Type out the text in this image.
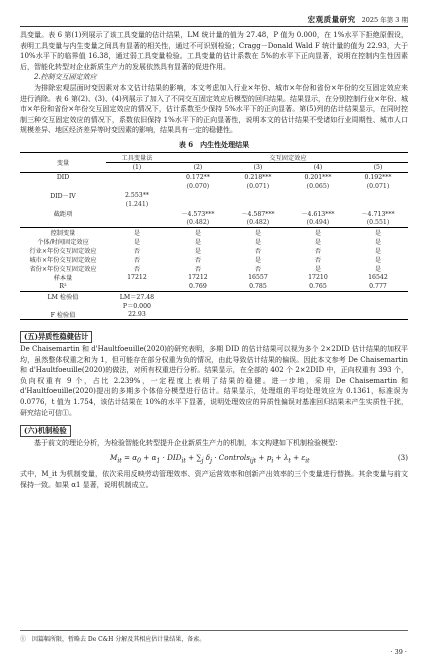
宏观质量研究 2025 年第 3 期

具变量。表 6 第(1)列展示了该工具变量的估计结果，LM 统计量的值为 27.48，P 值为 0.000，在 1%水平下拒绝原假设，表明工具变量与内生变量之间具有显著的相关性，通过不可识别检验；Cragg－Donald Wald F 统计量的值为 22.93，大于 10%水平下的临界值 16.38，通过弱工具变量检验。工具变量的估计系数在 5%的水平下正向显著，说明在控制内生性因素后，智能化转型对企业新质生产力的发展依然具有显著的促进作用。

2.控制交互固定效应

为排除宏观层面时变因素对本文估计结果的影响，本文考虑加入行业×年份、城市×年份和省份×年份的交互固定效应来进行消除。表 6 第(2)、(3)、(4)列展示了加入了不同交互固定效应后模型的回归结果。结果显示，在分别控制行业×年份、城市×年份和省份×年份交互固定效应的情况下，估计系数至少保持 5%水平下的正向显著。第(5)列的估计结果显示，在同时控制三种交互固定效应的情况下，系数依旧保持 1%水平下的正向显著性，说明本文的估计结果不受诸如行业周期性、城市人口规模差异、地区经济差异等时变因素的影响，结果具有一定的稳健性。

表 6　内生性处理结果
变量	工具变量法	交互固定效应			
	(1)	(2)	(3)	(4)	(5)
DID		0.172**	0.218***	0.201***	0.192***
		(0.070)	(0.071)	(0.065)	(0.071)
DID－IV	2.553**				
	(1.241)				
截距项		－4.573***	－4.587***	－4.613***	－4.713***
		(0.482)	(0.482)	(0.494)	(0.551)
控制变量	是	是	是	是	是
个体/时间固定效应	是	是	是	是	是
行业×年份交互固定效应	否	是	否	否	是
城市×年份交互固定效应	否	否	是	否	是
省份×年份交互固定效应	否	否	否	是	是
样本量	17212	17212	16557	17210	16542
R²		0.769	0.785	0.765	0.777
LM 检验值	LM＝27.48				
	P＝0.000				
F 检验值	22.93				
(五)异质性稳健估计

De Chaisemartin 和 d'Haultfoeuille(2020)的研究表明，多期 DID 的估计结果可以视为多个 2×2DID 估计结果的加权平均，虽然整体权重之和为 1，但可能存在部分权重为负的情况，由此导致估计结果的偏误。因此本文参考 De Chaisemartin 和 d'Haultfoeuille(2020)的做法，对所有权重进行分析。结果显示，在全部的 402 个 2×2DID 中，正向权重有 393 个，负向权重有 9 个，占比 2.239%，一定程度上表明了结果的稳健。进一步地，采用 De Chaisemartin 和 d'Haultfoeuille(2020)提出的多期多个体倍分模型进行估计。结果显示，处理组的平均处理效应为 0.1361，标准误为 0.0776，t 值为 1.754，该估计结果在 10%的水平下显著，说明处理效应的异质性偏误对基准回归结果未产生实质性干扰，研究结论可信①。

(六)机制检验

基于前文的理论分析，为检验智能化转型提升企业新质生产力的机制，本文构建如下机制检验模型：

$M_{it} = \alpha_0 + \alpha_1 \cdot DID_{it} + \sum_j$ $\delta_j$ · Controls$_{ijt}$ + $p_i + \lambda_t + \varepsilon_{it}$	(3)

式中，M_it 为机制变量，依次采用反映劳动管理效率、资产运营效率和创新产出效率的三个变量进行替换。其余变量与前文保持一致。如果 α1 显著，说明机制成立。

①　因篇幅所限，暂略去 De C&H 分解及其相应估计量结果，备索。
· 39 ·
